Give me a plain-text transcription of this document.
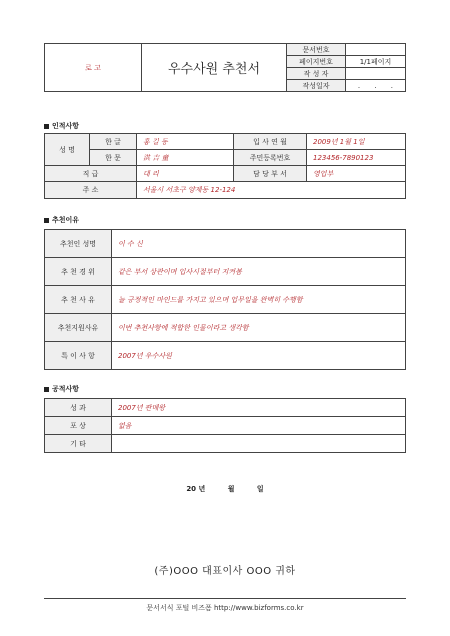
로 고	우수사원 추천서	문서번호	
		페이지번호	1/1페이지
		작 성 자	
		작성일자	. . .
인적사항
성 명	한 글	홍 길 동	입 사 연 월	2009년 1월 1일
	한 문	洪 吉 童	주민등록번호	123456-7890123
직 급		대 리	담 당 부 서	영업부
주 소		서울시 서초구 양재동 12-124		
추천이유
추천인 성명	이 수 신
추 천 경 위	같은 부서 상관이며 입사시절부터 지켜봄
추 천 사 유	늘 긍정적인 마인드를 가지고 있으며 업무일을 완벽히 수행함
추천지원사유	이번 추천사항에 적합한 인물이라고 생각함
특 이 사 항	2007년 우수사원
공적사항
성 과	2007년 판매왕
포 상	없음
기 타	
20 년	월	일
(주)OOO 대표이사 OOO 귀하
문서서식 포털 비즈폼 http://www.bizforms.co.kr
